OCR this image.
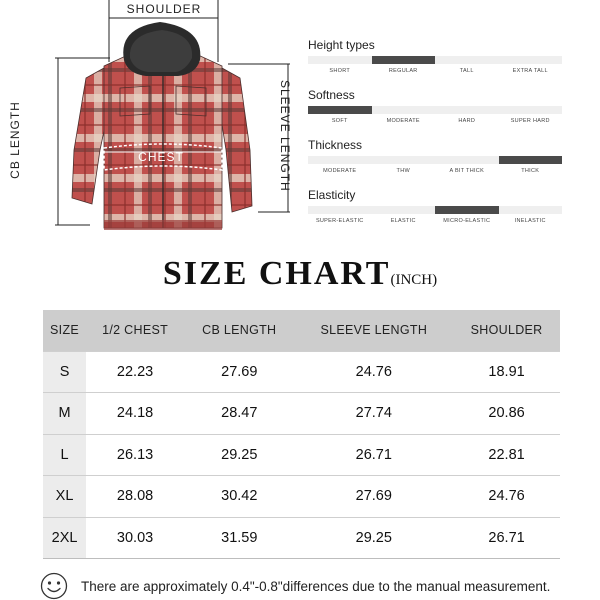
SHOULDER
CB LENGTH	SLEEVE LENGTH
CHEST
Height types
SHORT	REGULAR	TALL	EXTRA TALL
Softness
SOFT	MODERATE	HARD	SUPER HARD
Thickness
MODERATE	THW	A BIT THICK	THICK
Elasticity
SUPER-ELASTIC	ELASTIC	MICRO-ELASTIC	INELASTIC
SIZE CHART(INCH)
SIZE	1/2 CHEST	CB LENGTH	SLEEVE LENGTH	SHOULDER
S	22.23	27.69	24.76	18.91
M	24.18	28.47	27.74	20.86
L	26.13	29.25	26.71	22.81
XL	28.08	30.42	27.69	24.76
2XL	30.03	31.59	29.25	26.71
There are approximately 0.4"-0.8"differences due to the manual measurement.
